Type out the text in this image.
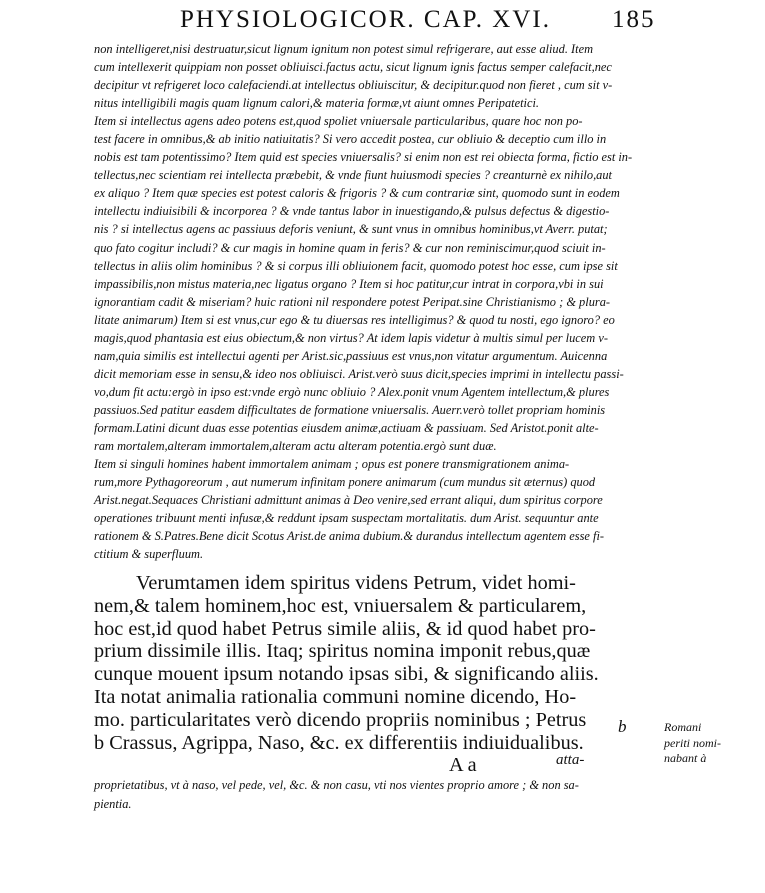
PHYSIOLOGICOR. CAP. XVI. 185
non intelligeret,nisi destruatur,sicut lignum ignitum non potest simul refrigerare, aut esse aliud. Item
cum intellexerit quippiam non posset obliuisci.factus actu, sicut lignum ignis factus semper calefacit,nec
decipitur vt refrigeret loco calefaciendi.at intellectus obliuiscitur, & decipitur.quod non fieret , cum sit v-
nitus intelligibili magis quam lignum calori,& materia formæ,vt aiunt omnes Peripatetici.
Item si intellectus agens adeo potens est,quod spoliet vniuersale particularibus, quare hoc non po-
test facere in omnibus,& ab initio natiuitatis? Si vero accedit postea, cur obliuio & deceptio cum illo in
nobis est tam potentissimo? Item quid est species vniuersalis? si enim non est rei obiecta forma, fictio est in-
tellectus,nec scientiam rei intellecta præbebit, & vnde fiunt huiusmodi species ? creanturnè ex nihilo,aut
ex aliquo ? Item quæ species est potest caloris & frigoris ? & cum contrariæ sint, quomodo sunt in eodem
intellectu indiuisibili & incorporea ? & vnde tantus labor in inuestigando,& pulsus defectus & digestio-
nis ? si intellectus agens ac passiuus deforis veniunt, & sunt vnus in omnibus hominibus,vt Averr. putat;
quo fato cogitur includi? & cur magis in homine quam in feris? & cur non reminiscimur,quod sciuit in-
tellectus in aliis olim hominibus ? & si corpus illi obliuionem facit, quomodo potest hoc esse, cum ipse sit
impassibilis,non mistus materia,nec ligatus organo ? Item si hoc patitur,cur intrat in corpora,vbi in sui
ignorantiam cadit & miseriam? huic rationi nil respondere potest Peripat.sine Christianismo ; & plura-
litate animarum) Item si est vnus,cur ego & tu diuersas res intelligimus? & quod tu nosti, ego ignoro? eo
magis,quod phantasia est eius obiectum,& non virtus? At idem lapis videtur à multis simul per lucem v-
nam,quia similis est intellectui agenti per Arist.sic,passiuus est vnus,non vitatur argumentum. Auicenna
dicit memoriam esse in sensu,& ideo nos obliuisci. Arist.verò suus dicit,species imprimi in intellectu passi-
vo,dum fit actu:ergò in ipso est:vnde ergò nunc obliuio ? Alex.ponit vnum Agentem intellectum,& plures
passiuos.Sed patitur easdem difficultates de formatione vniuersalis. Auerr.verò tollet propriam hominis
formam.Latini dicunt duas esse potentias eiusdem animæ,actiuam & passiuam. Sed Aristot.ponit alte-
ram mortalem,alteram immortalem,alteram actu alteram potentia.ergò sunt duæ.
Item si singuli homines habent immortalem animam ; opus est ponere transmigrationem anima-
rum,more Pythagoreorum , aut numerum infinitam ponere animarum (cum mundus sit æternus) quod
Arist.negat.Sequaces Christiani admittunt animas à Deo venire,sed errant aliqui, dum spiritus corpore
operationes tribuunt menti infusæ,& reddunt ipsam suspectam mortalitatis. dum Arist. sequuntur ante
rationem & S.Patres.Bene dicit Scotus Arist.de anima dubium.& durandus intellectum agentem esse fi-
ctitium & superfluum.
Verumtamen idem spiritus videns Petrum, videt homi-
nem,& talem hominem,hoc est, vniuersalem & particularem,
hoc est,id quod habet Petrus simile aliis, & id quod habet pro-
prium dissimile illis. Itaq; spiritus nomina imponit rebus,quæ
cunque mouent ipsum notando ipsas sibi, & significando aliis.
Ita notat animalia rationalia communi nomine dicendo, Ho-
mo. particularitates verò dicendo propriis nominibus ; Petrus
b Crassus, Agrippa, Naso, &c. ex differentiis indiuidualibus.
A a
b	Romani
periti nomi-
nabant à
atta-
proprietatibus, vt à naso, vel pede, vel, &c. & non casu, vti nos vientes proprio amore ; & non sa-
pientia.
